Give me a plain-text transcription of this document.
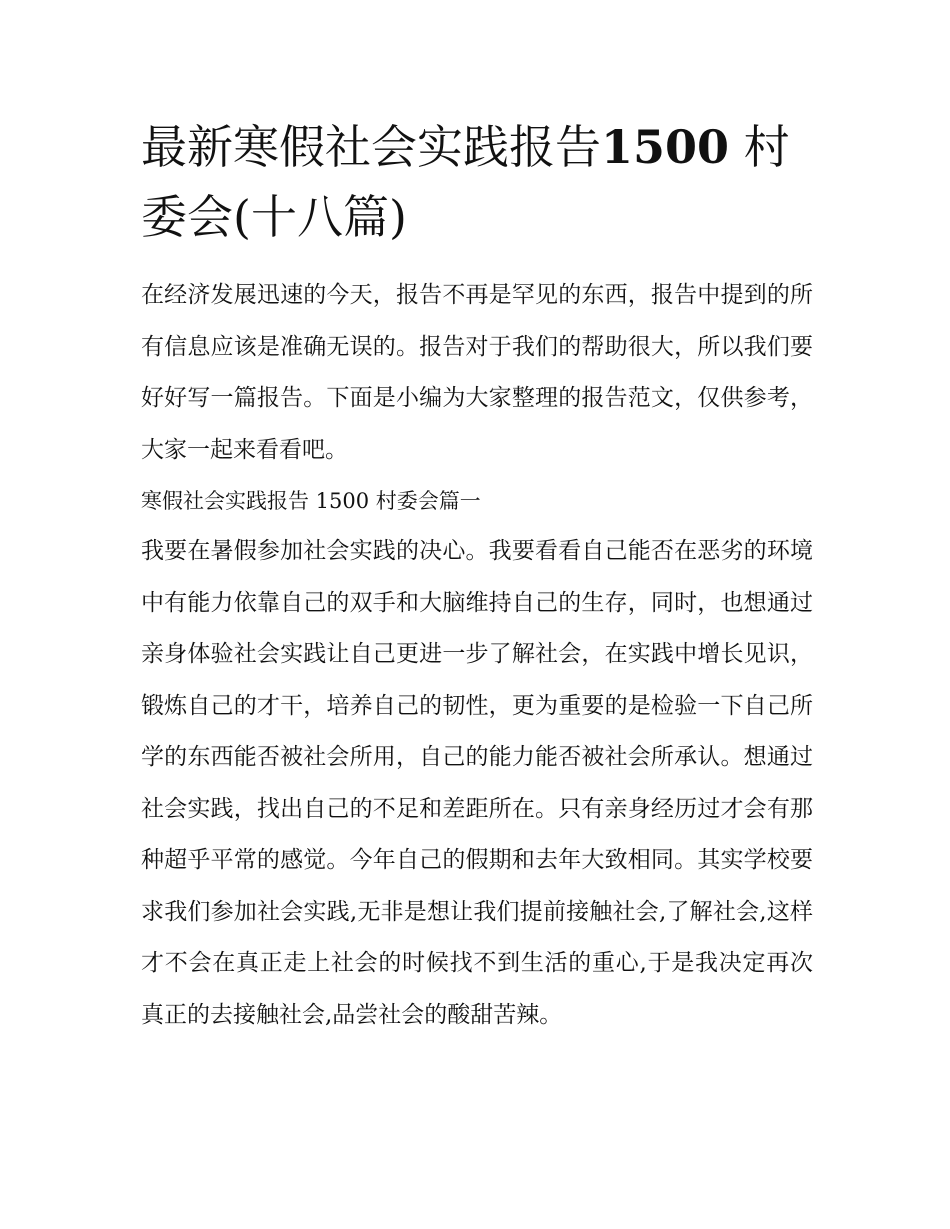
最新寒假社会实践报告1500 村委会(十八篇)

在经济发展迅速的今天，报告不再是罕见的东西，报告中提到的所有信息应该是准确无误的。报告对于我们的帮助很大，所以我们要好好写一篇报告。下面是小编为大家整理的报告范文，仅供参考，大家一起来看看吧。

寒假社会实践报告 1500 村委会篇一

我要在暑假参加社会实践的决心。我要看看自己能否在恶劣的环境中有能力依靠自己的双手和大脑维持自己的生存，同时，也想通过亲身体验社会实践让自己更进一步了解社会，在实践中增长见识，锻炼自己的才干，培养自己的韧性，更为重要的是检验一下自己所学的东西能否被社会所用，自己的能力能否被社会所承认。想通过社会实践，找出自己的不足和差距所在。只有亲身经历过才会有那种超乎平常的感觉。今年自己的假期和去年大致相同。其实学校要求我们参加社会实践,无非是想让我们提前接触社会,了解社会,这样才不会在真正走上社会的时候找不到生活的重心,于是我决定再次真正的去接触社会,品尝社会的酸甜苦辣。
